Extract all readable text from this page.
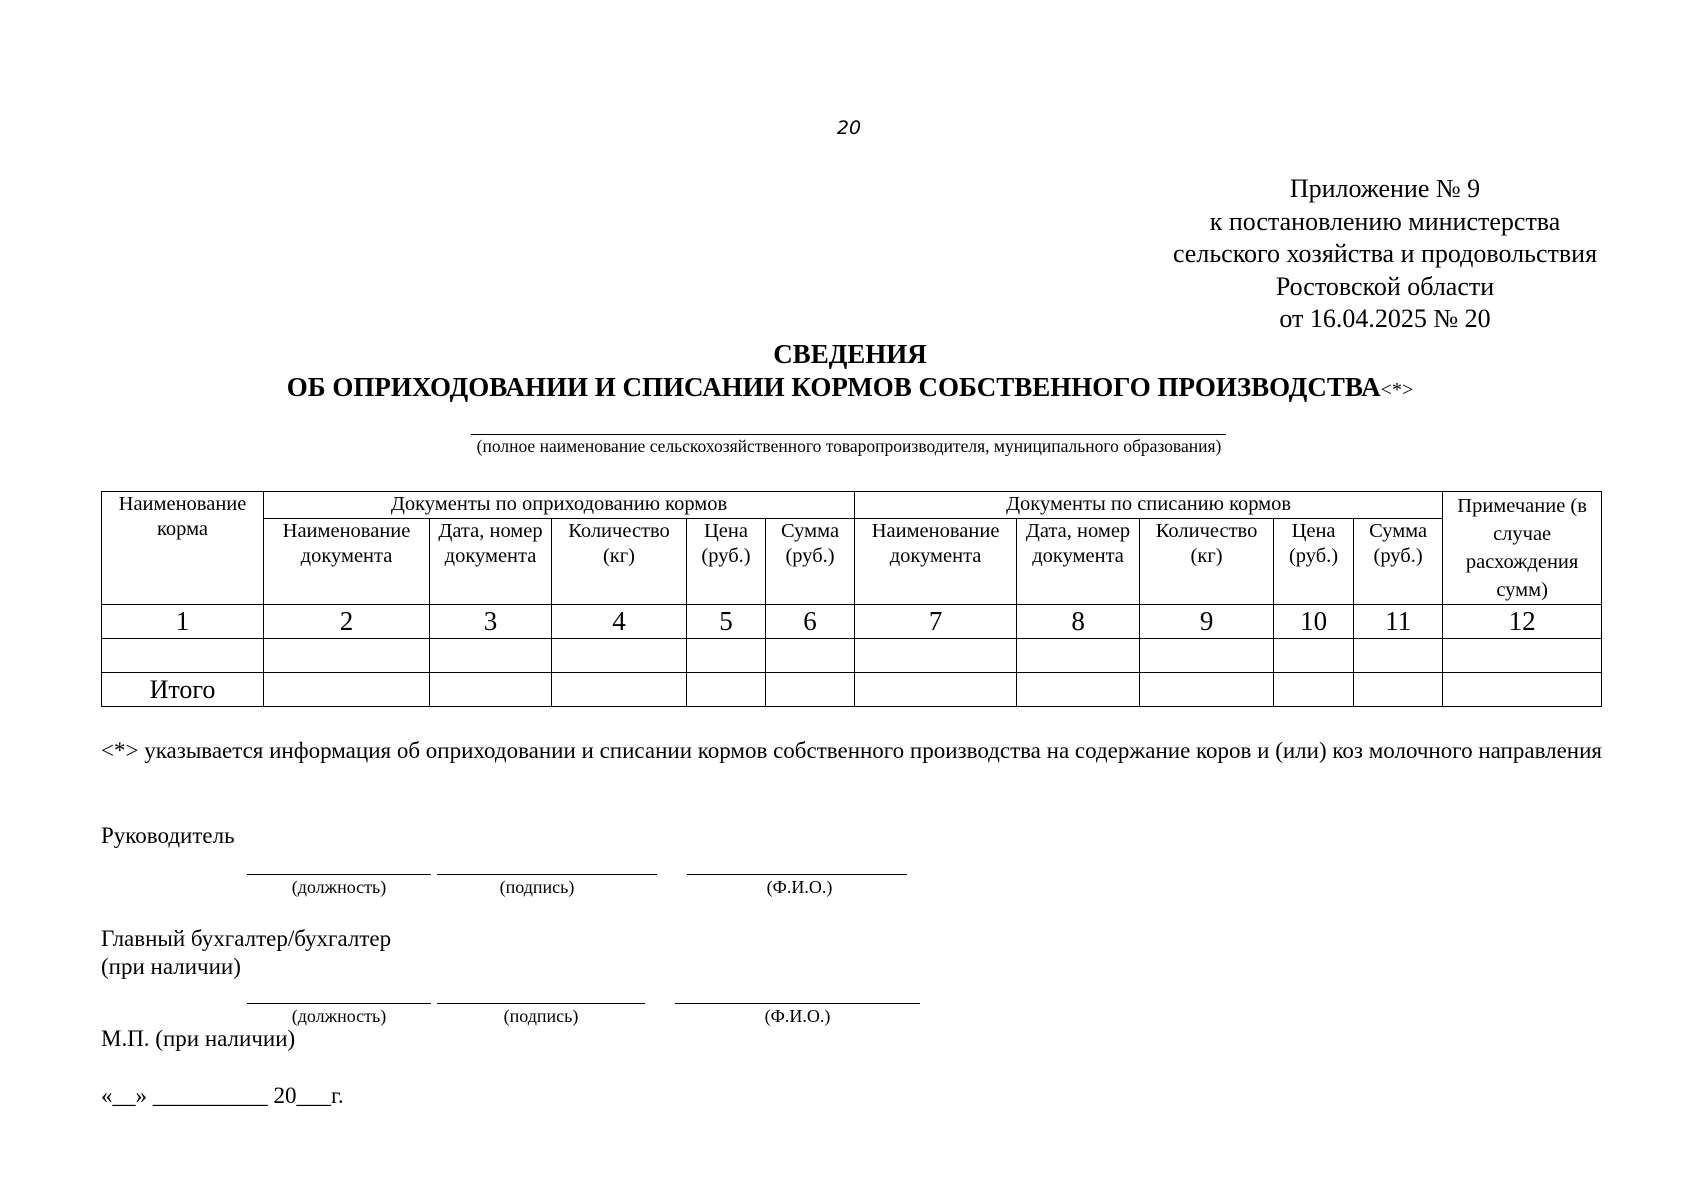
20
Приложение № 9
к постановлению министерства
сельского хозяйства и продовольствия
Ростовской области
от 16.04.2025 № 20
СВЕДЕНИЯ
ОБ ОПРИХОДОВАНИИ И СПИСАНИИ КОРМОВ СОБСТВЕННОГО ПРОИЗВОДСТВА<*>
(полное наименование сельскохозяйственного товаропроизводителя, муниципального образования)
Наименование корма	Документы по оприходованию кормов					Документы по списанию кормов					Примечание (в случае расхождения сумм)
	Наименование документа	Дата, номер документа	Количество (кг)	Цена (руб.)	Сумма (руб.)	Наименование документа	Дата, номер документа	Количество (кг)	Цена (руб.)	Сумма (руб.)	
1	2	3	4	5	6	7	8	9	10	11	12

Итого											
<*> указывается информация об оприходовании и списании кормов собственного производства на содержание коров и (или) коз молочного направления
Руководитель
(должность)	(подпись)	(Ф.И.О.)
Главный бухгалтер/бухгалтер
(при наличии)
(должность)	(подпись)	(Ф.И.О.)
М.П. (при наличии)
«__» __________ 20___г.
